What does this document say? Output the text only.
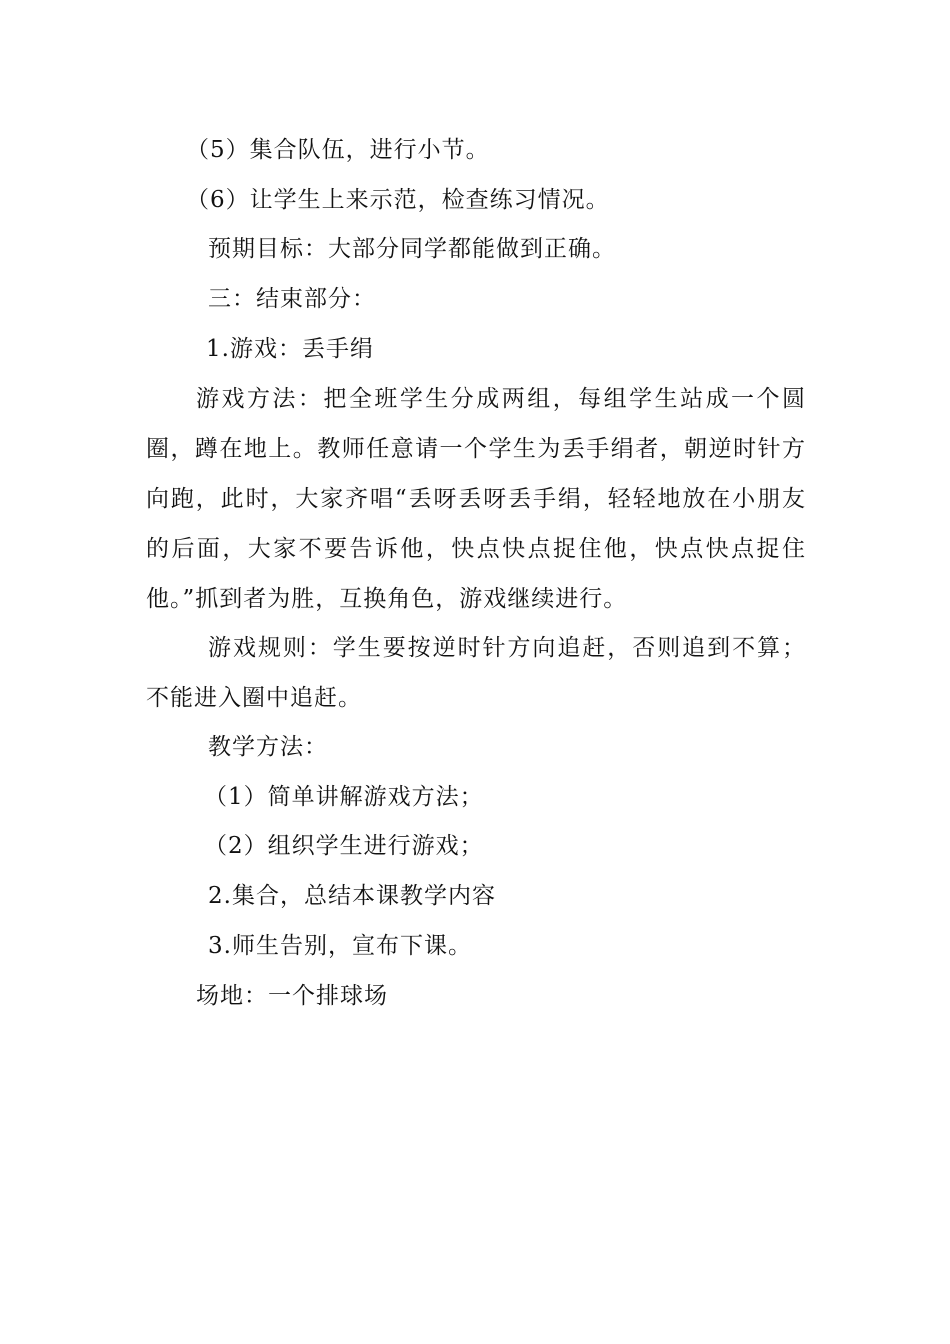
（5）集合队伍，进行小节。
（6）让学生上来示范，检查练习情况。
预期目标：大部分同学都能做到正确。
三：结束部分：
1.游戏：丢手绢
游戏方法：把全班学生分成两组，每组学生站成一个圆圈，蹲在地上。教师任意请一个学生为丢手绢者，朝逆时针方向跑，此时，大家齐唱“丢呀丢呀丢手绢，轻轻地放在小朋友的后面，大家不要告诉他，快点快点捉住他，快点快点捉住他。”抓到者为胜，互换角色，游戏继续进行。
游戏规则：学生要按逆时针方向追赶，否则追到不算；不能进入圈中追赶。
教学方法：
（1）简单讲解游戏方法；
（2）组织学生进行游戏；
2.集合，总结本课教学内容
3.师生告别，宣布下课。
场地：一个排球场
